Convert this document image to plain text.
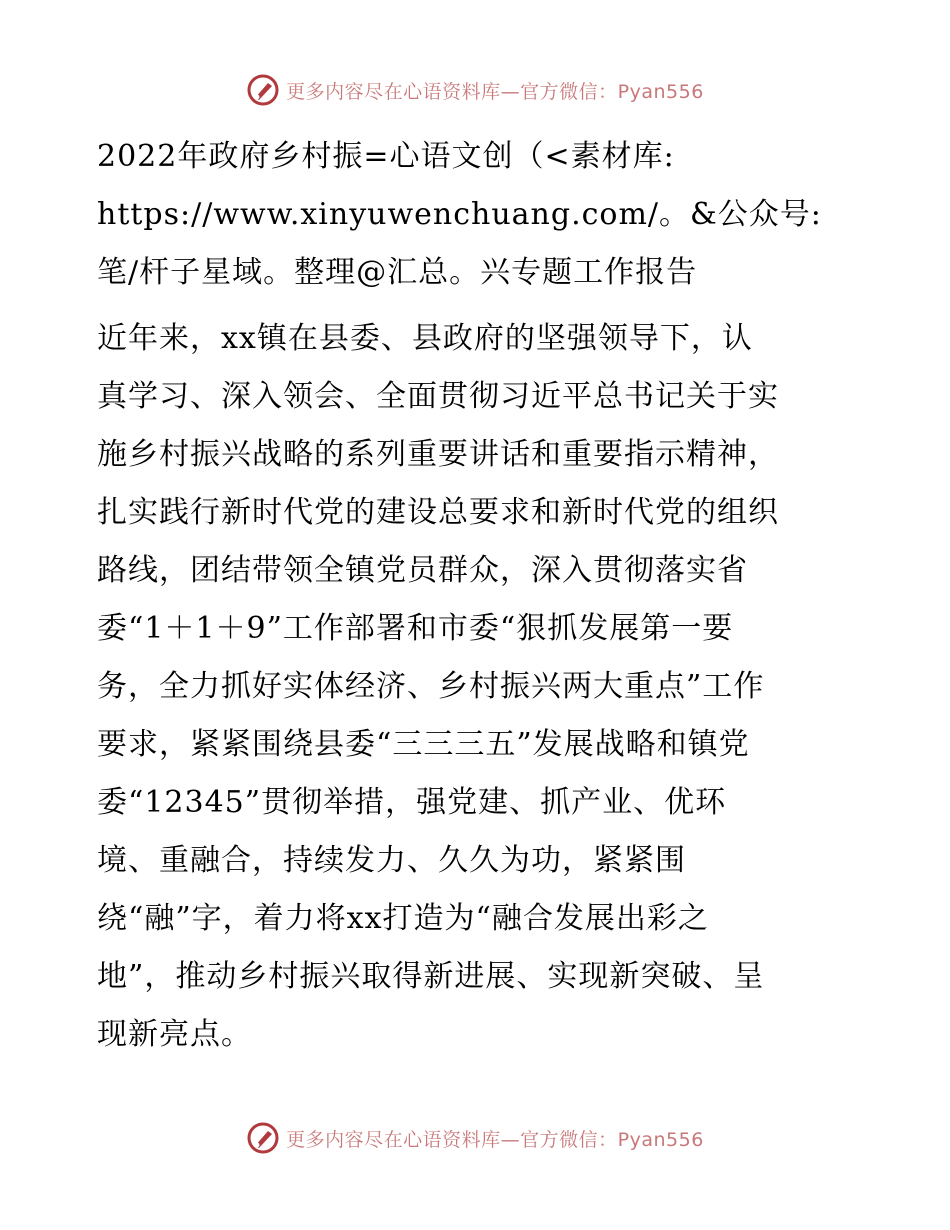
更多内容尽在心语资料库—官方微信：Pyan556
2022年政府乡村振=心语文创（<素材库:
https://www.xinyuwenchuang.com/。&公众号:
笔/杆子星域。整理@汇总。兴专题工作报告
近年来，xx镇在县委、县政府的坚强领导下，认
真学习、深入领会、全面贯彻习近平总书记关于实
施乡村振兴战略的系列重要讲话和重要指示精神，
扎实践行新时代党的建设总要求和新时代党的组织
路线，团结带领全镇党员群众，深入贯彻落实省
委“1＋1＋9”工作部署和市委“狠抓发展第一要
务，全力抓好实体经济、乡村振兴两大重点”工作
要求，紧紧围绕县委“三三三五”发展战略和镇党
委“12345”贯彻举措，强党建、抓产业、优环
境、重融合，持续发力、久久为功，紧紧围
绕“融”字，着力将xx打造为“融合发展出彩之
地”，推动乡村振兴取得新进展、实现新突破、呈
现新亮点。
更多内容尽在心语资料库—官方微信：Pyan556
